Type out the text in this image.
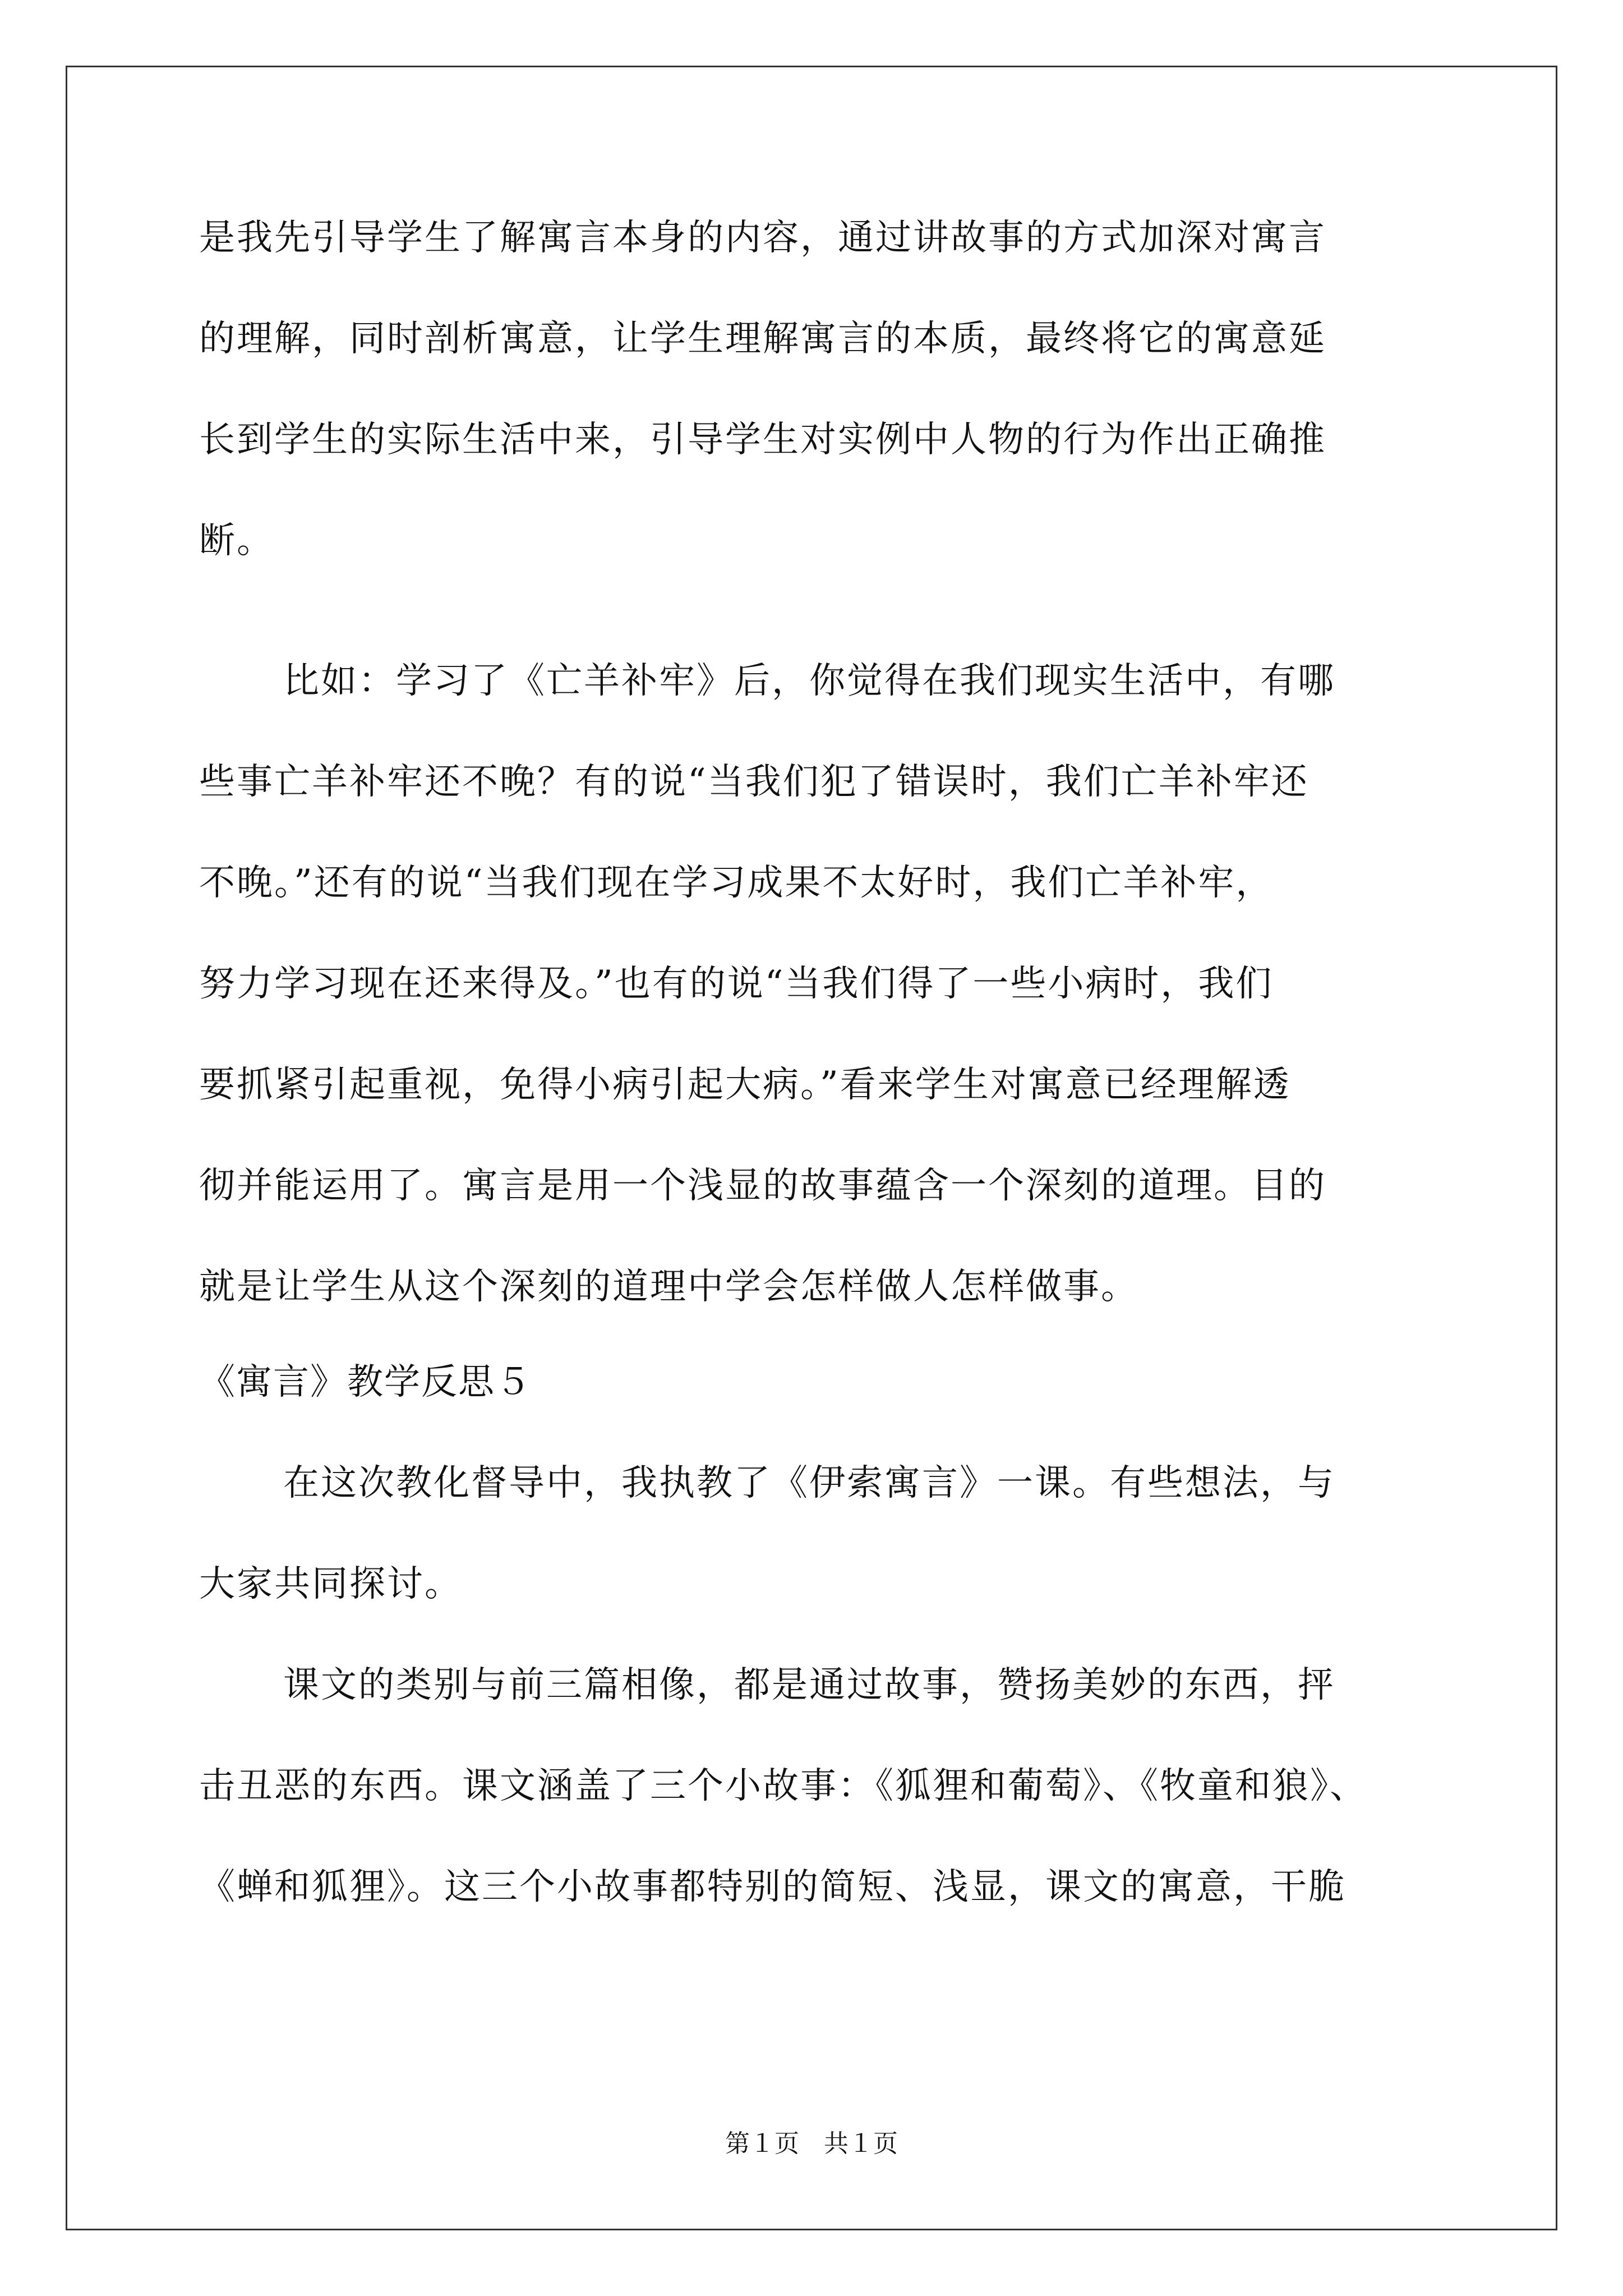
是我先引导学生了解寓言本身的内容，通过讲故事的方式加深对寓言
的理解，同时剖析寓意，让学生理解寓言的本质，最终将它的寓意延
长到学生的实际生活中来，引导学生对实例中人物的行为作出正确推
断。
比如：学习了《亡羊补牢》后，你觉得在我们现实生活中，有哪
些事亡羊补牢还不晚？有的说“当我们犯了错误时，我们亡羊补牢还
不晚。”还有的说“当我们现在学习成果不太好时，我们亡羊补牢，
努力学习现在还来得及。”也有的说“当我们得了一些小病时，我们
要抓紧引起重视，免得小病引起大病。”看来学生对寓意已经理解透
彻并能运用了。寓言是用一个浅显的故事蕴含一个深刻的道理。目的
就是让学生从这个深刻的道理中学会怎样做人怎样做事。
《寓言》教学反思５
在这次教化督导中，我执教了《伊索寓言》一课。有些想法，与
大家共同探讨。
课文的类别与前三篇相像，都是通过故事，赞扬美妙的东西，抨
击丑恶的东西。课文涵盖了三个小故事：《狐狸和葡萄》、《牧童和狼》、
《蝉和狐狸》。这三个小故事都特别的简短、浅显，课文的寓意，干脆
第１页　共１页
